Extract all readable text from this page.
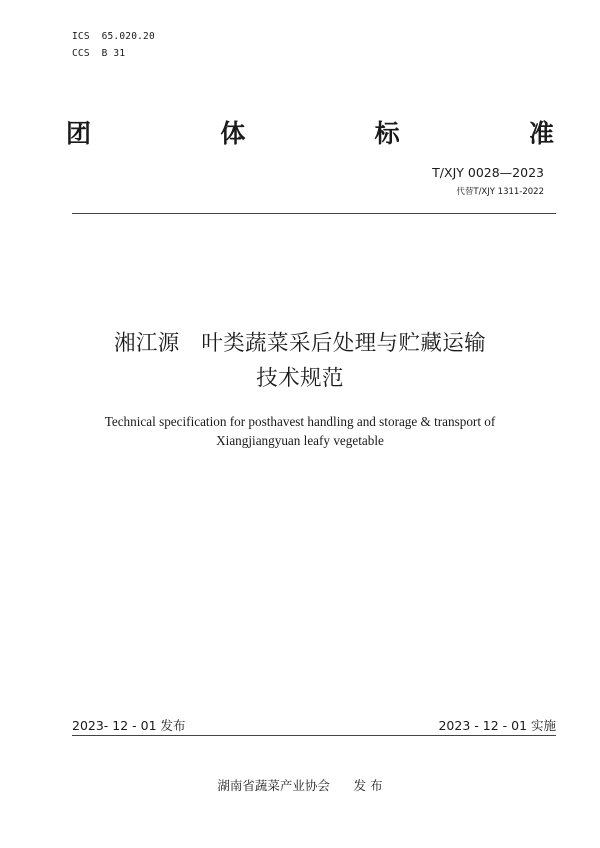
ICS  65.020.20
CCS  B 31
团	体	标	准
T/XJY 0028—2023
代替T/XJY 1311-2022
湘江源   叶类蔬菜采后处理与贮藏运输
技术规范
Technical specification for posthavest handling and storage & transport of
Xiangjiangyuan leafy vegetable
2023- 12 - 01 发布	2023 - 12 - 01 实施
湖南省蔬菜产业协会      发 布
